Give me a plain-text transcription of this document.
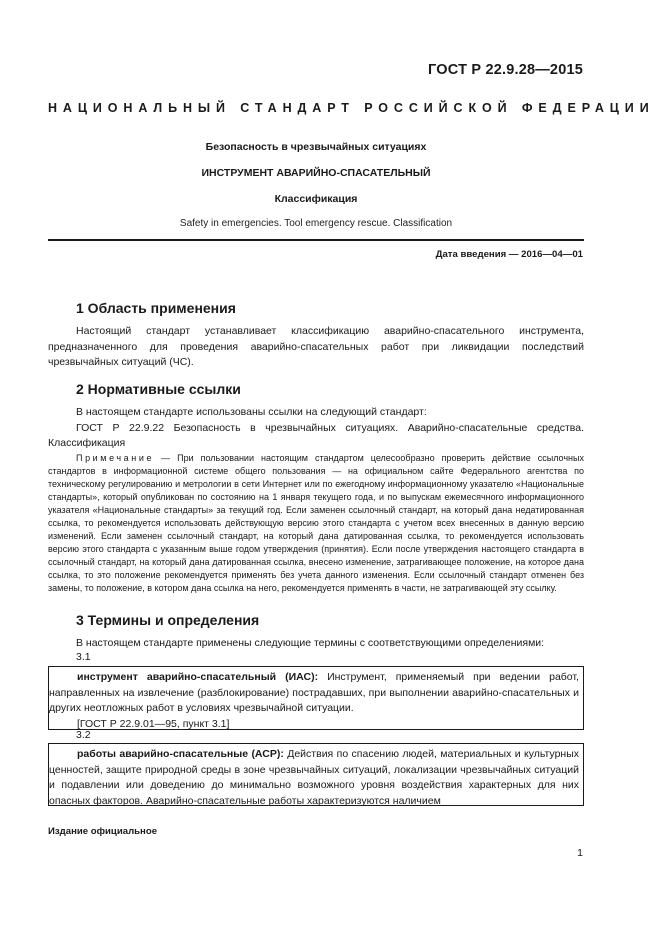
ГОСТ Р 22.9.28—2015
НАЦИОНАЛЬНЫЙ СТАНДАРТ РОССИЙСКОЙ ФЕДЕРАЦИИ
Безопасность в чрезвычайных ситуациях
ИНСТРУМЕНТ АВАРИЙНО-СПАСАТЕЛЬНЫЙ
Классификация
Safety in emergencies. Tool emergency rescue. Classification
Дата введения — 2016—04—01
1 Область применения

Настоящий стандарт устанавливает классификацию аварийно-спасательного инструмента, предназначенного для проведения аварийно-спасательных работ при ликвидации последствий чрезвычайных ситуаций (ЧС).

2 Нормативные ссылки

В настоящем стандарте использованы ссылки на следующий стандарт:

ГОСТ Р 22.9.22 Безопасность в чрезвычайных ситуациях. Аварийно-спасательные средства. Классификация

Примечание — При пользовании настоящим стандартом целесообразно проверить действие ссылочных стандартов в информационной системе общего пользования — на официальном сайте Федерального агентства по техническому регулированию и метрологии в сети Интернет или по ежегодному информационному указателю «Национальные стандарты», который опубликован по состоянию на 1 января текущего года, и по выпускам ежемесячного информационного указателя «Национальные стандарты» за текущий год. Если заменен ссылочный стандарт, на который дана недатированная ссылка, то рекомендуется использовать действующую версию этого стандарта с учетом всех внесенных в данную версию изменений. Если заменен ссылочный стандарт, на который дана датированная ссылка, то рекомендуется использовать версию этого стандарта с указанным выше годом утверждения (принятия). Если после утверждения настоящего стандарта в ссылочный стандарт, на который дана датированная ссылка, внесено изменение, затрагивающее положение, на которое дана ссылка, то это положение рекомендуется применять без учета данного изменения. Если ссылочный стандарт отменен без замены, то положение, в котором дана ссылка на него, рекомендуется применять в части, не затрагивающей эту ссылку.

3 Термины и определения

В настоящем стандарте применены следующие термины с соответствующими определениями:

3.1

инструмент аварийно-спасательный (ИАС): Инструмент, применяемый при ведении работ, направленных на извлечение (разблокирование) пострадавших, при выполнении аварийно-спасательных и других неотложных работ в условиях чрезвычайной ситуации.

[ГОСТ Р 22.9.01—95, пункт 3.1]

3.2

работы аварийно-спасательные (АСР): Действия по спасению людей, материальных и культурных ценностей, защите природной среды в зоне чрезвычайных ситуаций, локализации чрезвычайных ситуаций и подавлении или доведению до минимально возможного уровня воздействия характерных для них опасных факторов. Аварийно-спасательные работы характеризуются наличием

Издание официальное
1
